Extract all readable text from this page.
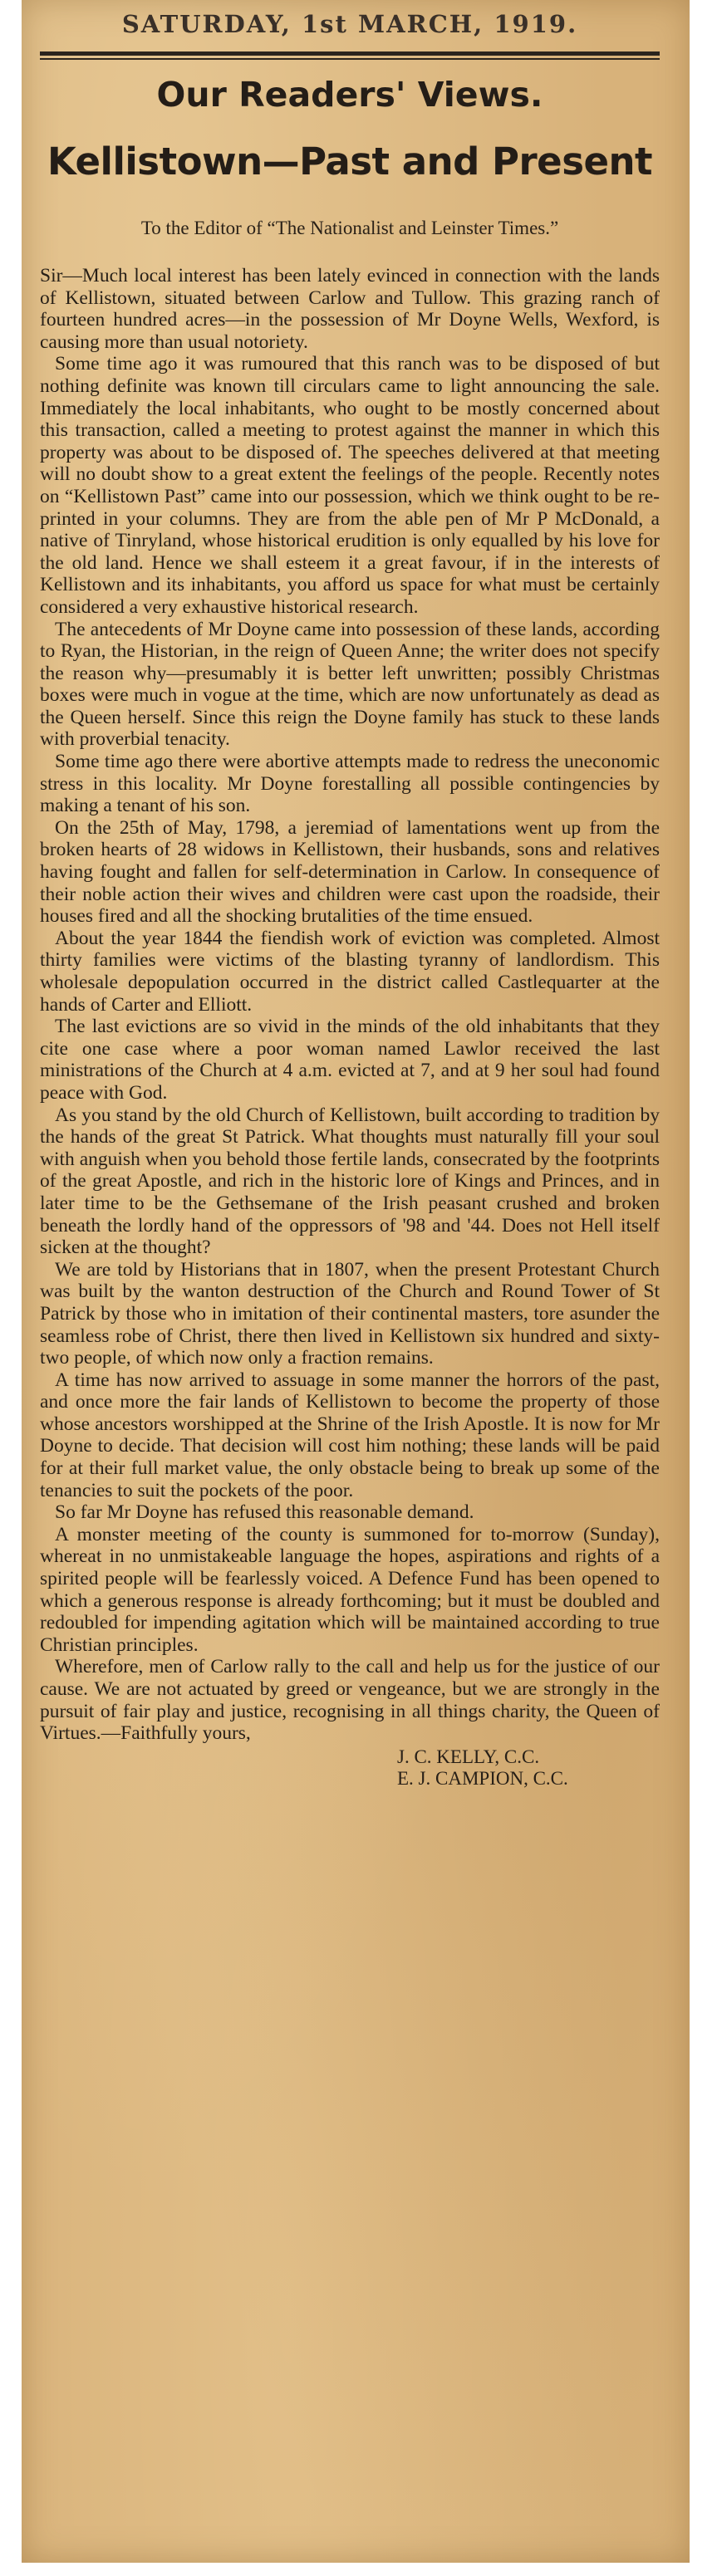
SATURDAY, 1st MARCH, 1919.
Our Readers' Views.
Kellistown—Past and Present
To the Editor of “The Nationalist and Leinster Times.”

Sir—Much local interest has been lately evinced in connection with the lands of Kellistown, situated between Carlow and Tullow. This grazing ranch of fourteen hundred acres—in the possession of Mr Doyne Wells, Wexford, is causing more than usual notoriety.

Some time ago it was rumoured that this ranch was to be disposed of but nothing definite was known till circulars came to light announcing the sale. Immediately the local inhabitants, who ought to be mostly concerned about this transaction, called a meeting to protest against the manner in which this property was about to be disposed of. The speeches delivered at that meeting will no doubt show to a great extent the feelings of the people. Recently notes on “Kellistown Past” came into our possession, which we think ought to be re-printed in your columns. They are from the able pen of Mr P McDonald, a native of Tinryland, whose historical erudition is only equalled by his love for the old land. Hence we shall esteem it a great favour, if in the interests of Kellistown and its inhabitants, you afford us space for what must be certainly considered a very exhaustive historical research.

The antecedents of Mr Doyne came into possession of these lands, according to Ryan, the Historian, in the reign of Queen Anne; the writer does not specify the reason why—presumably it is better left unwritten; possibly Christmas boxes were much in vogue at the time, which are now unfortunately as dead as the Queen herself. Since this reign the Doyne family has stuck to these lands with proverbial tenacity.

Some time ago there were abortive attempts made to redress the uneconomic stress in this locality. Mr Doyne forestalling all possible contingencies by making a tenant of his son.

On the 25th of May, 1798, a jeremiad of lamentations went up from the broken hearts of 28 widows in Kellistown, their husbands, sons and relatives having fought and fallen for self-determination in Carlow. In consequence of their noble action their wives and children were cast upon the roadside, their houses fired and all the shocking brutalities of the time ensued.

About the year 1844 the fiendish work of eviction was completed. Almost thirty families were victims of the blasting tyranny of landlordism. This wholesale depopulation occurred in the district called Castlequarter at the hands of Carter and Elliott.

The last evictions are so vivid in the minds of the old inhabitants that they cite one case where a poor woman named Lawlor received the last ministrations of the Church at 4 a.m. evicted at 7, and at 9 her soul had found peace with God.

As you stand by the old Church of Kellistown, built according to tradition by the hands of the great St Patrick. What thoughts must naturally fill your soul with anguish when you behold those fertile lands, consecrated by the footprints of the great Apostle, and rich in the historic lore of Kings and Princes, and in later time to be the Gethsemane of the Irish peasant crushed and broken beneath the lordly hand of the oppressors of '98 and '44. Does not Hell itself sicken at the thought?

We are told by Historians that in 1807, when the present Protestant Church was built by the wanton destruction of the Church and Round Tower of St Patrick by those who in imitation of their continental masters, tore asunder the seamless robe of Christ, there then lived in Kellistown six hundred and sixty-two people, of which now only a fraction remains.

A time has now arrived to assuage in some manner the horrors of the past, and once more the fair lands of Kellistown to become the property of those whose ancestors worshipped at the Shrine of the Irish Apostle. It is now for Mr Doyne to decide. That decision will cost him nothing; these lands will be paid for at their full market value, the only obstacle being to break up some of the tenancies to suit the pockets of the poor.

So far Mr Doyne has refused this reasonable demand.

A monster meeting of the county is summoned for to-morrow (Sunday), whereat in no unmistakeable language the hopes, aspirations and rights of a spirited people will be fearlessly voiced. A Defence Fund has been opened to which a generous response is already forthcoming; but it must be doubled and redoubled for impending agitation which will be maintained according to true Christian principles.

Wherefore, men of Carlow rally to the call and help us for the justice of our cause. We are not actuated by greed or vengeance, but we are strongly in the pursuit of fair play and justice, recognising in all things charity, the Queen of Virtues.—Faithfully yours,

J. C. KELLY, C.C.
E. J. CAMPION, C.C.
